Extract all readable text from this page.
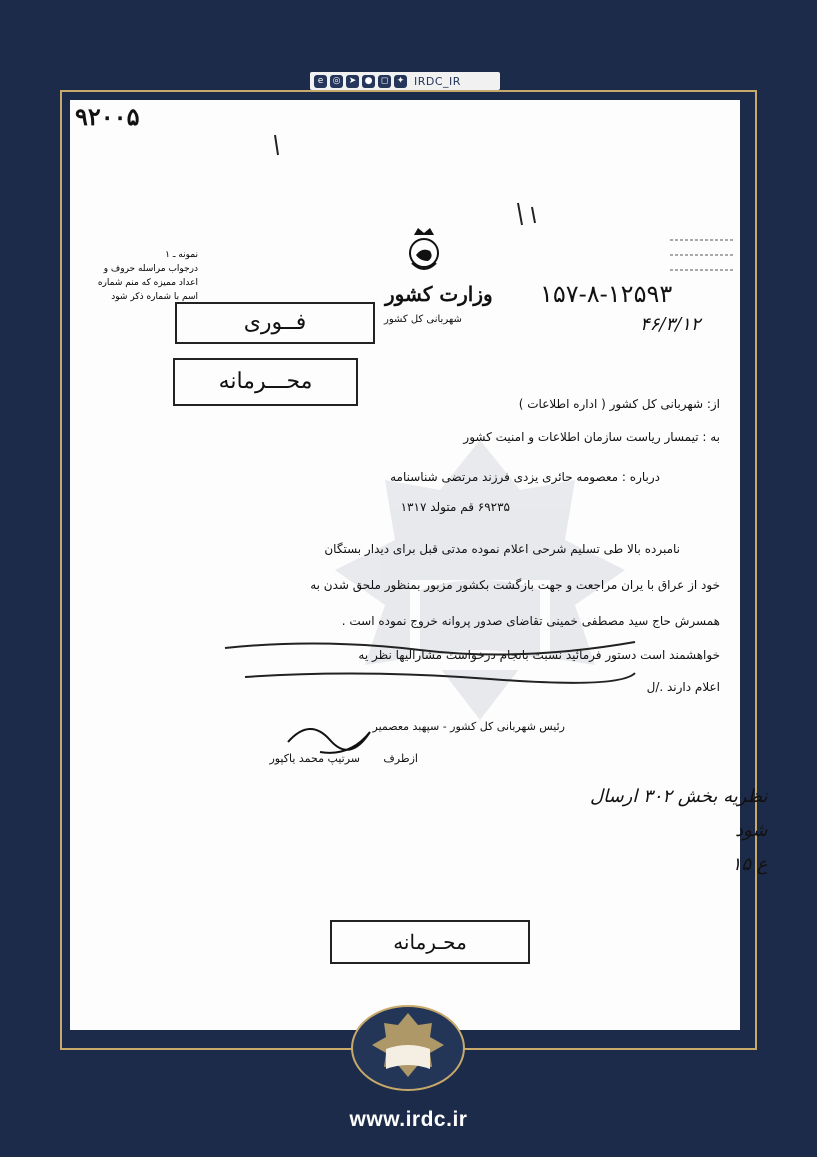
e	◎ ➤ ● ◻ ✦ IRDC_IR
۹۲۰۰۵
نمونه ـ ۱
درجواب مراسله حروف و
اعداد ممیزه که منم شماره
اسم با شماره ذکر شود	وزارت کشور
شهربانی کل کشور
فــوری
محـــرمانه
۱۵۷-۸-۱۲۵۹۳
۴۶/۳/۱۲
از: شهربانی کل کشور ( اداره اطلاعات )
به : تیمسار ریاست سازمان اطلاعات و امنیت کشور
درباره : معصومه حائری یزدی فرزند مرتضی شناسنامه
۶۹۲۳۵ قم متولد ۱۳۱۷
نامبرده بالا طی تسلیم شرحی اعلام نموده مدتی قبل برای دیدار بستگان
خود از عراق با یران مراجعت و جهت بازگشت بکشور مزبور بمنظور ملحق شدن به
همسرش حاج سید مصطفی خمینی تقاضای صدور پروانه خروج نموده است .
خواهشمند است دستور فرمائید نسبت بانجام درخواست مشارالیها نظر یه
اعلام دارند ./ل
رئیس شهربانی کل کشور - سپهبد معصمیر
ازطرف
سرتیپ محمد یاکپور
نظریه بخش ۳۰۲ ارسال
شود
ع ۱۵
محـرمانه
www.irdc.ir
